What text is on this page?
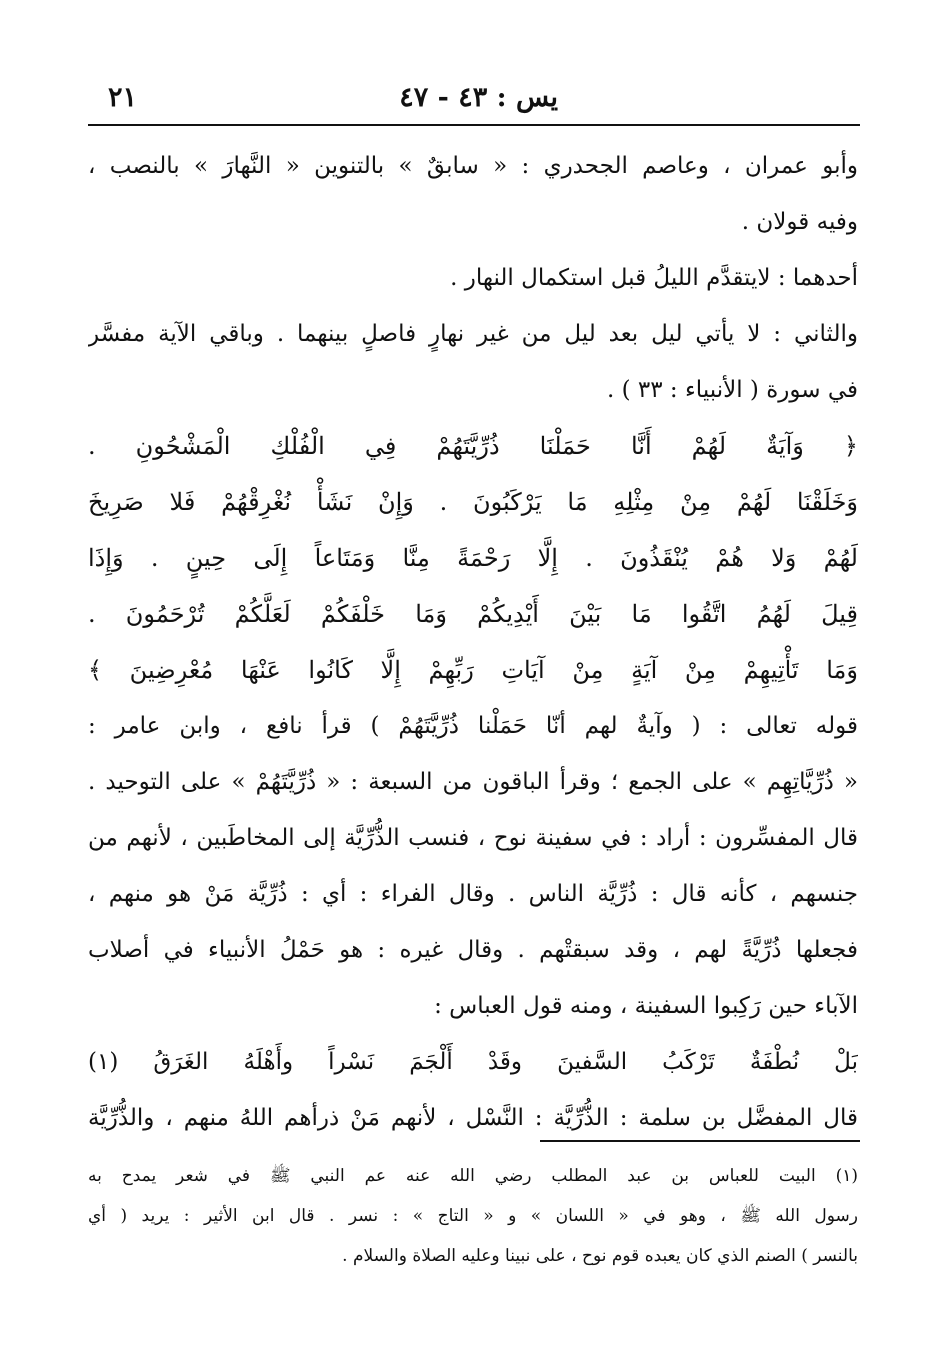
يس : ٤٣ - ٤٧
٢١
وأبو عمران ، وعاصم الجحدري : « سابقٌ » بالتنوين « النَّهارَ » بالنصب ،
وفيه قولان .
أحدهما : لايتقدَّم الليلُ قبل استكمال النهار .
والثاني : لا يأتي ليل بعد ليل من غير نهارٍ فاصلٍ بينهما . وباقي الآية مفسَّر
في سورة ( الأنبياء : ٣٣ ) .
﴿ وَآيَةٌ لَهُمْ أَنَّا حَمَلْنَا ذُرِّيَّتَهُمْ فِي الْفُلْكِ الْمَشْحُونِ .
وَخَلَقْنَا لَهُمْ مِنْ مِثْلِهِ مَا يَرْكَبُونَ . وَإِنْ نَشَأْ نُغْرِقْهُمْ فَلا صَرِيخَ
لَهُمْ وَلا هُمْ يُنْقَذُونَ . إِلَّا رَحْمَةً مِنَّا وَمَتَاعاً إِلَى حِينٍ . وَإِذَا
قِيلَ لَهُمُ اتَّقُوا مَا بَيْنَ أَيْدِيكُمْ وَمَا خَلْفَكُمْ لَعَلَّكُمْ تُرْحَمُونَ .
وَمَا تَأْتِيهِمْ مِنْ آيَةٍ مِنْ آيَاتِ رَبِّهِمْ إِلَّا كَانُوا عَنْهَا مُعْرِضِينَ ﴾
قوله تعالى : ( وآيةٌ لهم أنّا حَمَلْنا ذُرِّيَّتَهُمْ ) قرأ نافع ، وابن عامر :
« ذُرِّيَّاتِهِم » على الجمع ؛ وقرأ الباقون من السبعة : « ذُرِّيَّتَهُمْ » على التوحيد .
قال المفسِّرون : أراد : في سفينة نوح ، فنسب الذُّرِّيَّة إلى المخاطَبين ، لأنهم من
جنسهم ، كأنه قال : ذُرِّيَّة الناس . وقال الفراء : أي : ذُرِّيَّة مَنْ هو منهم ،
فجعلها ذُرِّيَّةً لهم ، وقد سبقتْهم . وقال غيره : هو حَمْلُ الأنبياء في أصلاب
الآباء حين رَكِبوا السفينة ، ومنه قول العباس :
بَلْ نُطْفَةٌ تَرْكَبُ السَّفينَ وقَدْ أَلْجَمَ نَسْراً وأَهْلَهُ الغَرَقُ (١)
قال المفضَّل بن سلمة : الذُّرِّيَّة : النَّسْل ، لأنهم مَنْ ذرأهم اللهُ منهم ، والذُّرِّيَّة
(١) البيت للعباس بن عبد المطلب رضي الله عنه عم النبي ﷺ في شعر يمدح به
رسول الله ﷺ ، وهو في « اللسان » و « التاج » : نسر . قال ابن الأثير : يريد ( أي
بالنسر ) الصنم الذي كان يعبده قوم نوح ، على نبينا وعليه الصلاة والسلام .
